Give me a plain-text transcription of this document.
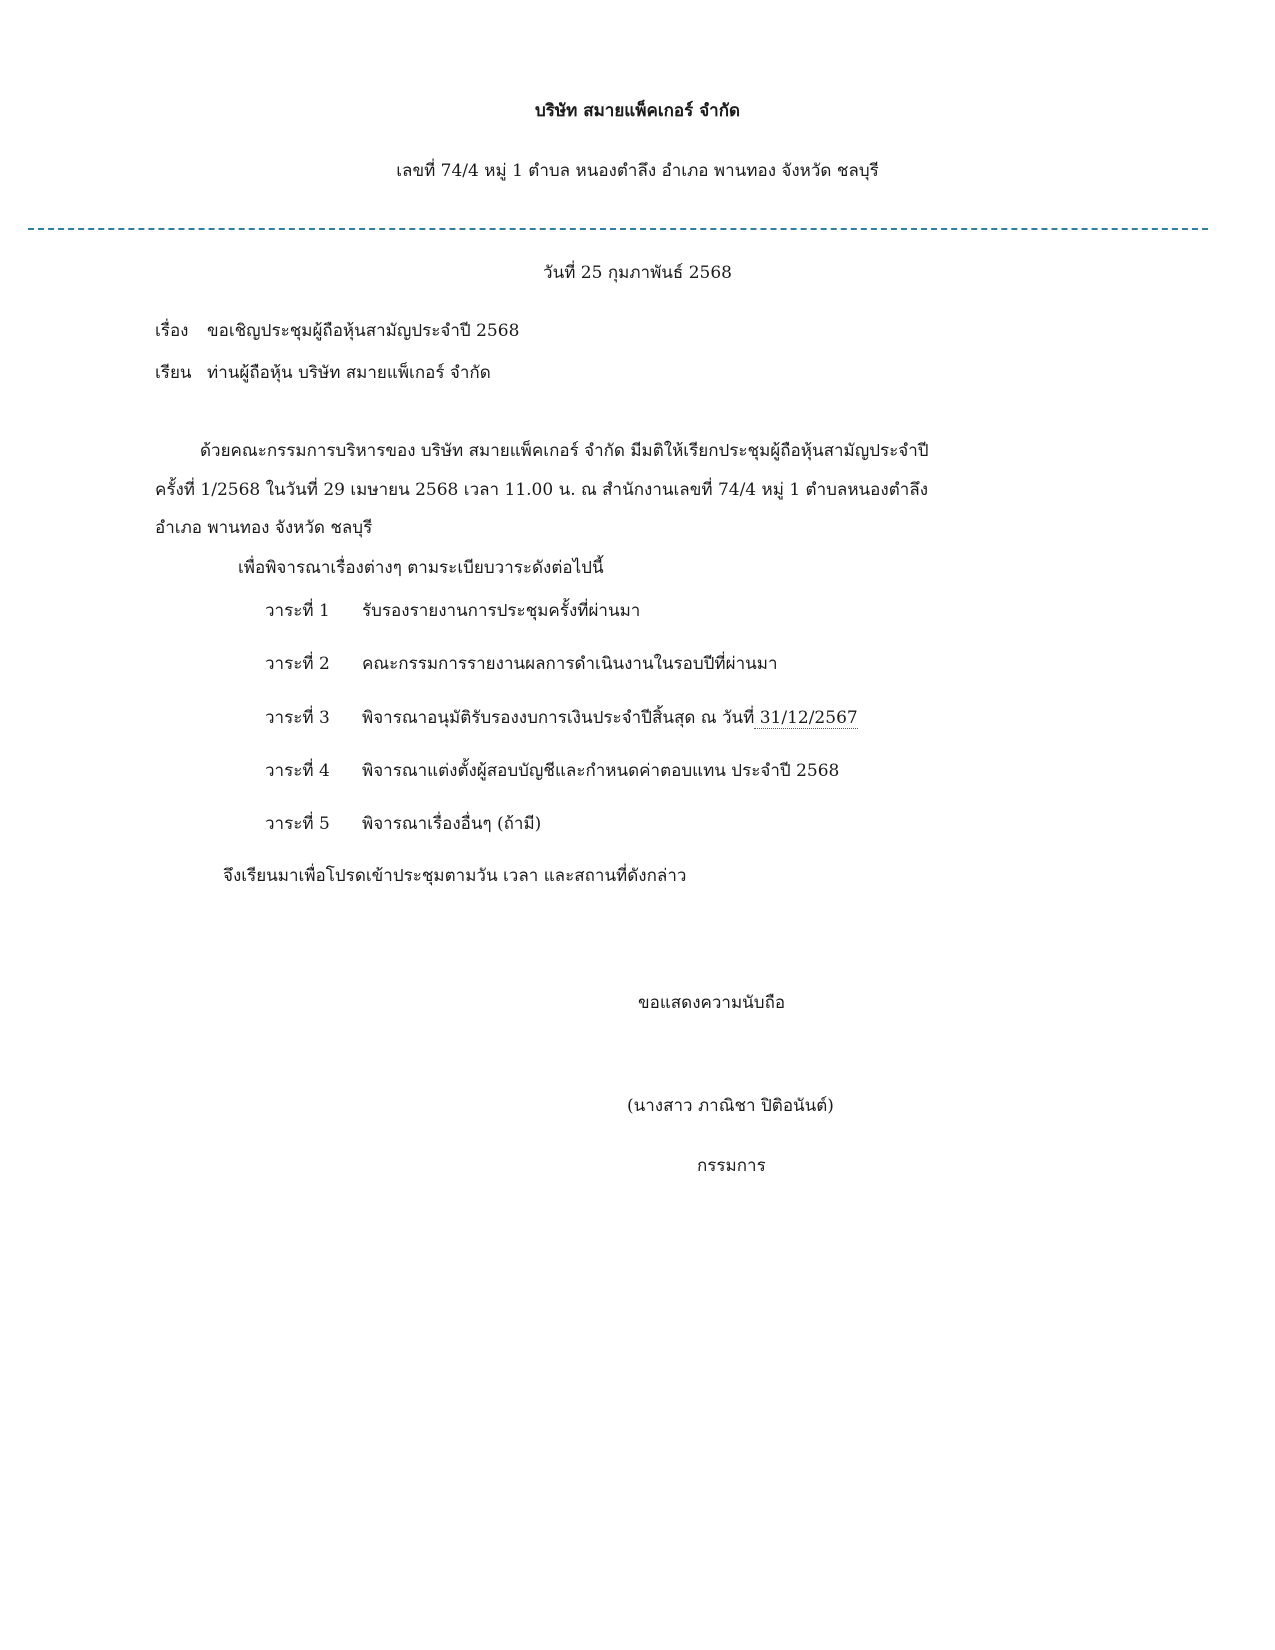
บริษัท สมายแพ็คเกอร์ จำกัด
เลขที่ 74/4 หมู่ 1 ตำบล หนองตำลึง อำเภอ พานทอง จังหวัด ชลบุรี
วันที่ 25 กุมภาพันธ์ 2568
เรื่อง ขอเชิญประชุมผู้ถือหุ้นสามัญประจำปี 2568
เรียน ท่านผู้ถือหุ้น บริษัท สมายแพ็เกอร์ จำกัด
ด้วยคณะกรรมการบริหารของ บริษัท สมายแพ็คเกอร์ จำกัด มีมติให้เรียกประชุมผู้ถือหุ้นสามัญประจำปี
ครั้งที่ 1/2568 ในวันที่ 29 เมษายน 2568 เวลา 11.00 น. ณ สำนักงานเลขที่ 74/4 หมู่ 1 ตำบลหนองตำลึง
อำเภอ พานทอง จังหวัด ชลบุรี
เพื่อพิจารณาเรื่องต่างๆ ตามระเบียบวาระดังต่อไปนี้
วาระที่ 1 รับรองรายงานการประชุมครั้งที่ผ่านมา
วาระที่ 2 คณะกรรมการรายงานผลการดำเนินงานในรอบปีที่ผ่านมา
วาระที่ 3 พิจารณาอนุมัติรับรองงบการเงินประจำปีสิ้นสุด ณ วันที่ 31/12/2567
วาระที่ 4 พิจารณาแต่งตั้งผู้สอบบัญชีและกำหนดค่าตอบแทน ประจำปี 2568
วาระที่ 5 พิจารณาเรื่องอื่นๆ (ถ้ามี)
จึงเรียนมาเพื่อโปรดเข้าประชุมตามวัน เวลา และสถานที่ดังกล่าว
ขอแสดงความนับถือ
(นางสาว ภาณิชา ปิติอนันต์)
กรรมการ
